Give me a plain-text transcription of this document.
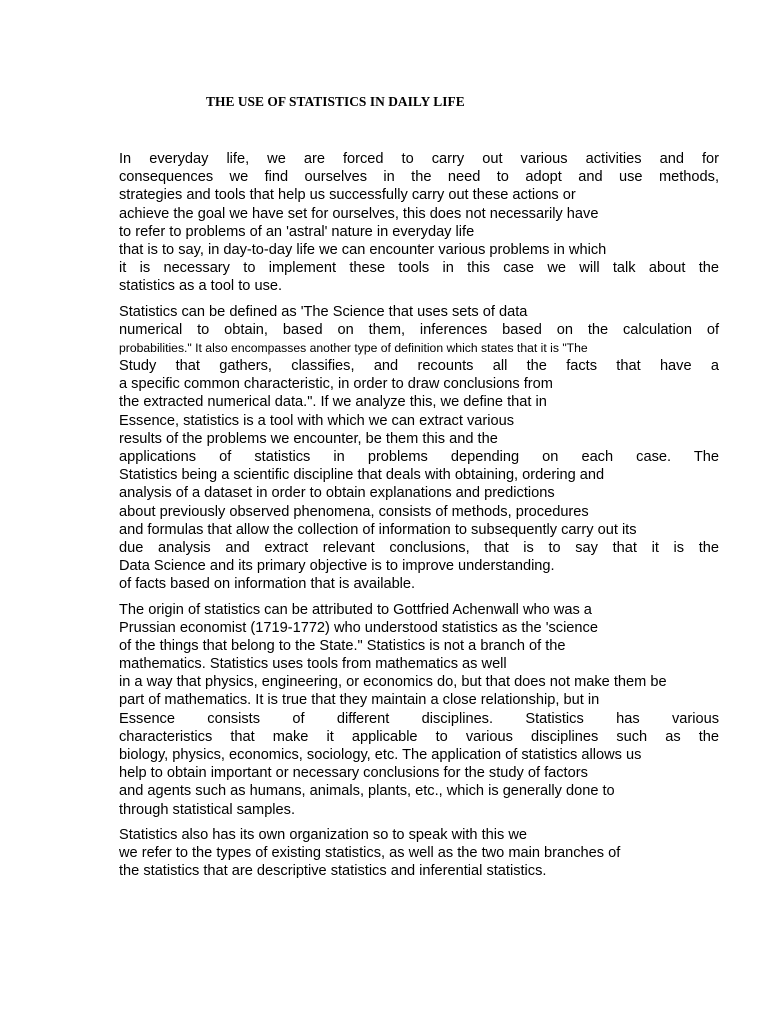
THE USE OF STATISTICS IN DAILY LIFE

In everyday life, we are forced to carry out various activities and for
consequences we find ourselves in the need to adopt and use methods,
strategies and tools that help us successfully carry out these actions or
achieve the goal we have set for ourselves, this does not necessarily have
to refer to problems of an 'astral' nature in everyday life
that is to say, in day-to-day life we can encounter various problems in which
it is necessary to implement these tools in this case we will talk about the
statistics as a tool to use.

Statistics can be defined as 'The Science that uses sets of data
numerical to obtain, based on them, inferences based on the calculation of
probabilities." It also encompasses another type of definition which states that it is "The
Study that gathers, classifies, and recounts all the facts that have a
a specific common characteristic, in order to draw conclusions from
the extracted numerical data.". If we analyze this, we define that in
Essence, statistics is a tool with which we can extract various
results of the problems we encounter, be them this and the
applications of statistics in problems depending on each case. The
Statistics being a scientific discipline that deals with obtaining, ordering and
analysis of a dataset in order to obtain explanations and predictions
about previously observed phenomena, consists of methods, procedures
and formulas that allow the collection of information to subsequently carry out its
due analysis and extract relevant conclusions, that is to say that it is the
Data Science and its primary objective is to improve understanding.
of facts based on information that is available.

The origin of statistics can be attributed to Gottfried Achenwall who was a
Prussian economist (1719-1772) who understood statistics as the 'science
of the things that belong to the State." Statistics is not a branch of the
mathematics. Statistics uses tools from mathematics as well
in a way that physics, engineering, or economics do, but that does not make them be
part of mathematics. It is true that they maintain a close relationship, but in
Essence consists of different disciplines. Statistics has various
characteristics that make it applicable to various disciplines such as the
biology, physics, economics, sociology, etc. The application of statistics allows us
help to obtain important or necessary conclusions for the study of factors
and agents such as humans, animals, plants, etc., which is generally done to
through statistical samples.

Statistics also has its own organization so to speak with this we
we refer to the types of existing statistics, as well as the two main branches of
the statistics that are descriptive statistics and inferential statistics.
